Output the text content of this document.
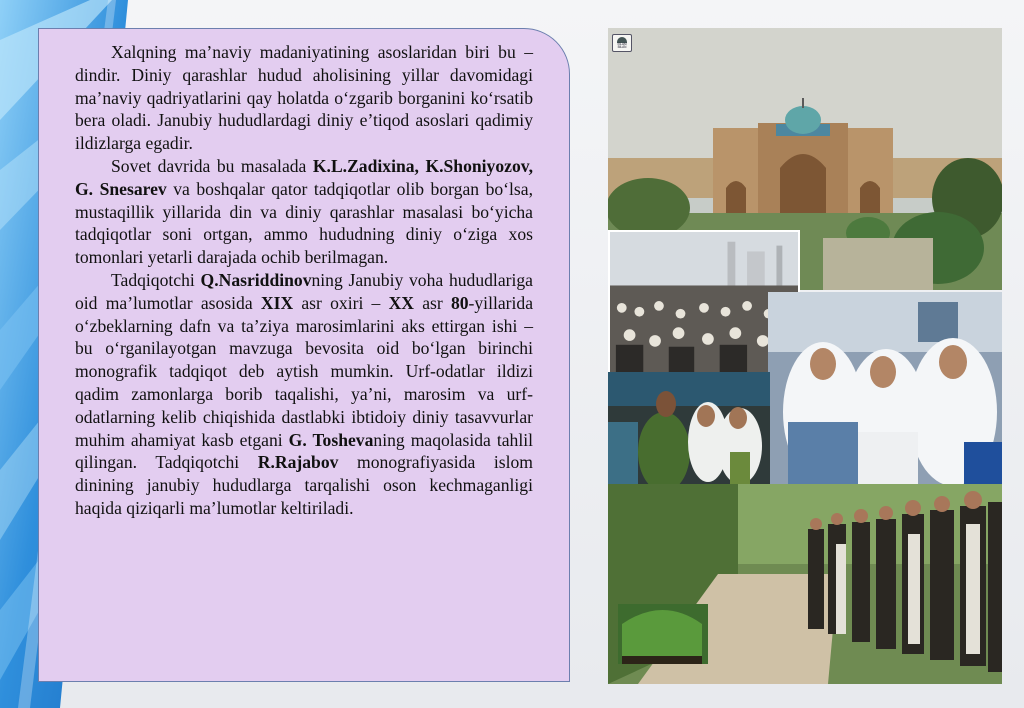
Xalqning ma’naviy madaniyatining asoslaridan biri bu – dindir. Diniy qarashlar hudud aholisining yillar davomidagi ma’naviy qadriyatlarini qay holatda o‘zgarib borganini ko‘rsatib bera oladi. Janubiy hududlardagi diniy e’tiqod asoslari qadimiy ildizlarga egadir.

Sovet davrida bu masalada K.L.Zadixina, K.Shoniyozov, G. Snesarev va boshqalar qator tadqiqotlar olib borgan bo‘lsa, mustaqillik yillarida din va diniy qarashlar masalasi bo‘yicha tadqiqotlar soni ortgan, ammo hududning diniy o‘ziga xos tomonlari yetarli darajada ochib berilmagan.

Tadqiqotchi Q.Nasriddinovning Janubiy voha hududlariga oid ma’lumotlar asosida XIX asr oxiri – XX asr 80-yillarida o‘zbeklarning dafn va ta’ziya marosimlarini aks ettirgan ishi – bu o‘rganilayotgan mavzuga bevosita oid bo‘lgan birinchi monografik tadqiqot deb aytish mumkin. Urf-odatlar ildizi qadim zamonlarga borib taqalishi, ya’ni, marosim va urf-odatlarning kelib chiqishida dastlabki ibtidoiy diniy tasavvurlar muhim ahamiyat kasb etgani G. Toshevaning maqolasida tahlil qilingan. Tadqiqotchi R.Rajabov monografiyasida islom dinining janubiy hududlarga tarqalishi oson kechmaganligi haqida qiziqarli ma’lumotlar keltiriladi.

ISLAM
BILAN
